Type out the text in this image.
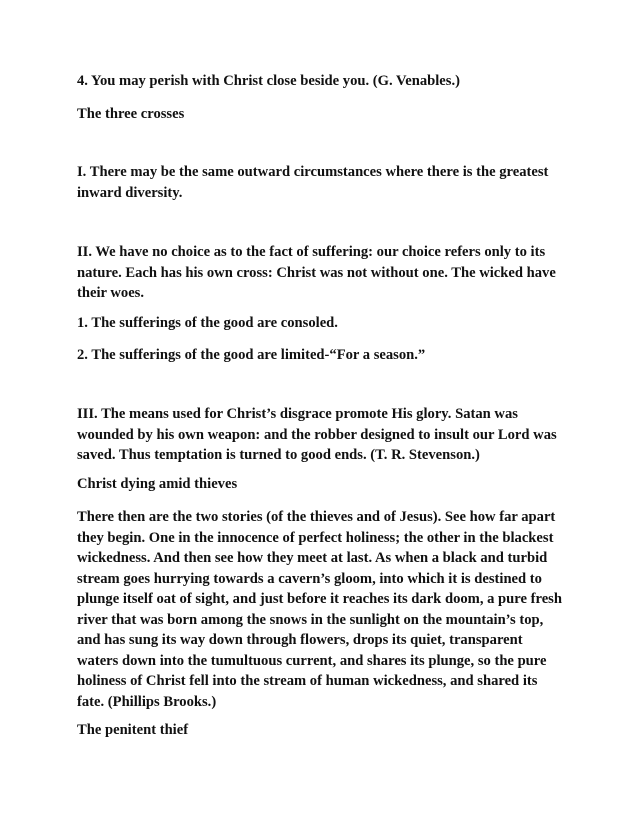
4. You may perish with Christ close beside you. (G. Venables.)

The three crosses

I. There may be the same outward circumstances where there is the greatest inward diversity.

II. We have no choice as to the fact of suffering: our choice refers only to its nature. Each has his own cross: Christ was not without one. The wicked have their woes.

1. The sufferings of the good are consoled.

2. The sufferings of the good are limited-“For a season.”

III. The means used for Christ’s disgrace promote His glory. Satan was wounded by his own weapon: and the robber designed to insult our Lord was saved. Thus temptation is turned to good ends. (T. R. Stevenson.)

Christ dying amid thieves

There then are the two stories (of the thieves and of Jesus). See how far apart they begin. One in the innocence of perfect holiness; the other in the blackest wickedness. And then see how they meet at last. As when a black and turbid stream goes hurrying towards a cavern’s gloom, into which it is destined to plunge itself oat of sight, and just before it reaches its dark doom, a pure fresh river that was born among the snows in the sunlight on the mountain’s top, and has sung its way down through flowers, drops its quiet, transparent waters down into the tumultuous current, and shares its plunge, so the pure holiness of Christ fell into the stream of human wickedness, and shared its fate. (Phillips Brooks.)

The penitent thief
